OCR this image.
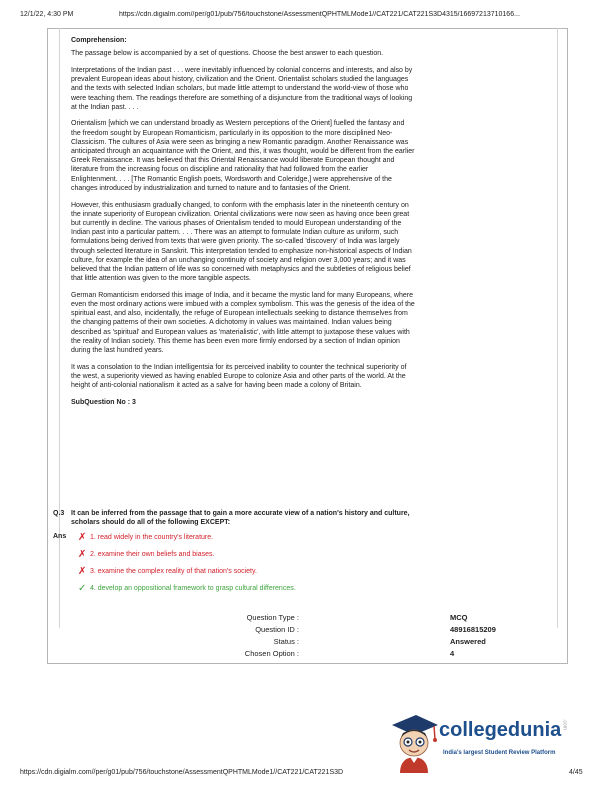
12/1/22, 4:30 PM	https://cdn.digialm.com//per/g01/pub/756/touchstone/AssessmentQPHTMLMode1//CAT221/CAT221S3D4315/16697213710166...
Comprehension:

The passage below is accompanied by a set of questions. Choose the best answer to each question.

Interpretations of the Indian past . . . were inevitably influenced by colonial concerns and interests, and also by prevalent European ideas about history, civilization and the Orient. Orientalist scholars studied the languages and the texts with selected Indian scholars, but made little attempt to understand the world-view of those who were teaching them. The readings therefore are something of a disjuncture from the traditional ways of looking at the Indian past. . . .

Orientalism [which we can understand broadly as Western perceptions of the Orient] fuelled the fantasy and the freedom sought by European Romanticism, particularly in its opposition to the more disciplined Neo-Classicism. The cultures of Asia were seen as bringing a new Romantic paradigm. Another Renaissance was anticipated through an acquaintance with the Orient, and this, it was thought, would be different from the earlier Greek Renaissance. It was believed that this Oriental Renaissance would liberate European thought and literature from the increasing focus on discipline and rationality that had followed from the earlier Enlightenment. . . . [The Romantic English poets, Wordsworth and Coleridge,] were apprehensive of the changes introduced by industrialization and turned to nature and to fantasies of the Orient.

However, this enthusiasm gradually changed, to conform with the emphasis later in the nineteenth century on the innate superiority of European civilization. Oriental civilizations were now seen as having once been great but currently in decline. The various phases of Orientalism tended to mould European understanding of the Indian past into a particular pattern. . . . There was an attempt to formulate Indian culture as uniform, such formulations being derived from texts that were given priority. The so-called 'discovery' of India was largely through selected literature in Sanskrit. This interpretation tended to emphasize non-historical aspects of Indian culture, for example the idea of an unchanging continuity of society and religion over 3,000 years; and it was believed that the Indian pattern of life was so concerned with metaphysics and the subtleties of religious belief that little attention was given to the more tangible aspects.

German Romanticism endorsed this image of India, and it became the mystic land for many Europeans, where even the most ordinary actions were imbued with a complex symbolism. This was the genesis of the idea of the spiritual east, and also, incidentally, the refuge of European intellectuals seeking to distance themselves from the changing patterns of their own societies. A dichotomy in values was maintained. Indian values being described as 'spiritual' and European values as 'materialistic', with little attempt to juxtapose these values with the reality of Indian society. This theme has been even more firmly endorsed by a section of Indian opinion during the last hundred years.

It was a consolation to the Indian intelligentsia for its perceived inability to counter the technical superiority of the west, a superiority viewed as having enabled Europe to colonize Asia and other parts of the world. At the height of anti-colonial nationalism it acted as a salve for having been made a colony of Britain.

SubQuestion No : 3
Q.3 It can be inferred from the passage that to gain a more accurate view of a nation's history and culture, scholars should do all of the following EXCEPT:
Ans ✗ 1. read widely in the country's literature.
✗ 2. examine their own beliefs and biases.
✗ 3. examine the complex reality of that nation's society.
✓ 4. develop an oppositional framework to grasp cultural differences.
Question Type :	MCQ
Question ID :	48916815209
Status :	Answered
Chosen Option :	4
collegedunia.com
India's largest Student Review Platform
https://cdn.digialm.com//per/g01/pub/756/touchstone/AssessmentQPHTMLMode1//CAT221/CAT221S3D	4/45
